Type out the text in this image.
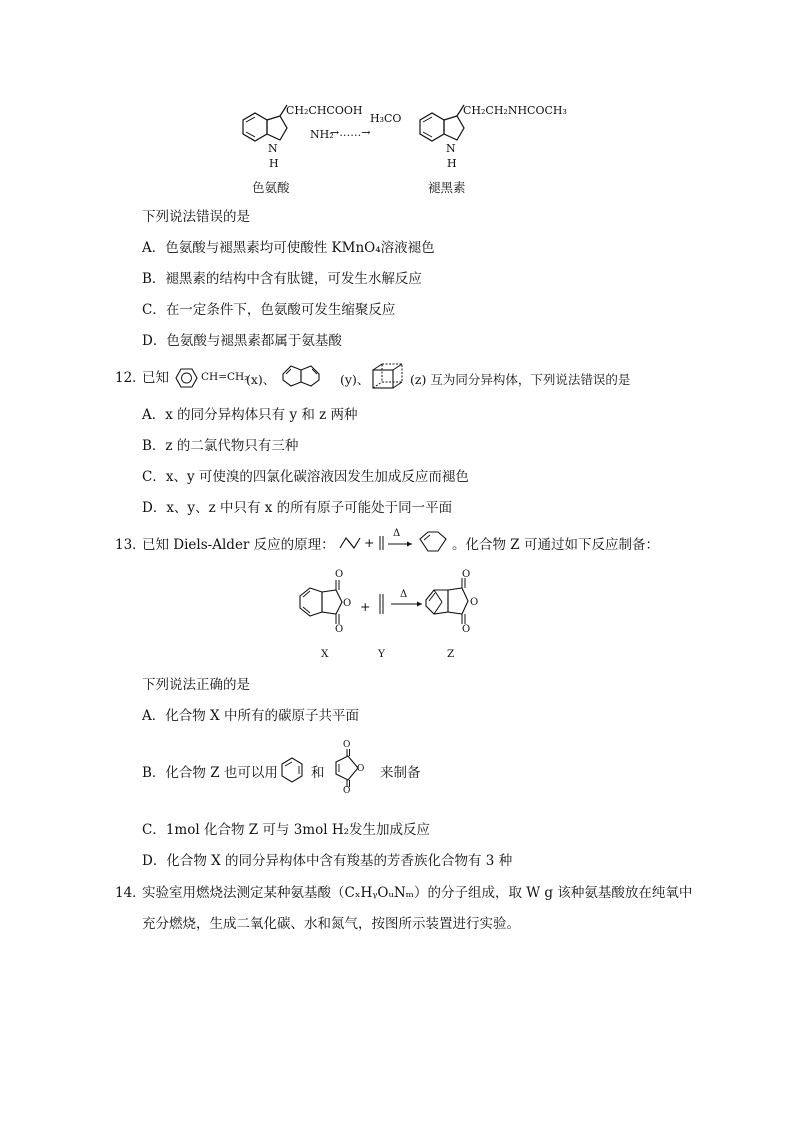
CH₂CHCOOH
NH₂
→……→
N
H
色氨酸
H₃CO
CH₂CH₂NHCOCH₃
N
H
褪黑素
下列说法错误的是
A．色氨酸与褪黑素均可使酸性 KMnO₄溶液褪色
B．褪黑素的结构中含有肽键，可发生水解反应
C．在一定条件下，色氨酸可发生缩聚反应
D．色氨酸与褪黑素都属于氨基酸
12．
已知	CH=CH₂
(x)、	(y)、	(z) 互为同分异构体，下列说法错误的是
A．x 的同分异构体只有 y 和 z 两种
B．z 的二氯代物只有三种
C．x、y 可使溴的四氯化碳溶液因发生加成反应而褪色
D．x、y、z 中只有 x 的所有原子可能处于同一平面
13．
已知 Diels-Alder 反应的原理： +
Δ
。化合物 Z 可通过如下反应制备：
O
O
O
+
Δ
O
O
O
X	Y	Z
下列说法正确的是
A．化合物 X 中所有的碳原子共平面
B．化合物 Z 也可以用 和
O
O
O
来制备
C．1mol 化合物 Z 可与 3mol H₂发生加成反应
D．化合物 X 的同分异构体中含有羧基的芳香族化合物有 3 种
14．
实验室用燃烧法测定某种氨基酸（CₓHᵧOᵤNₘ）的分子组成，取 W g 该种氨基酸放在纯氧中
充分燃烧，生成二氧化碳、水和氮气，按图所示装置进行实验。
